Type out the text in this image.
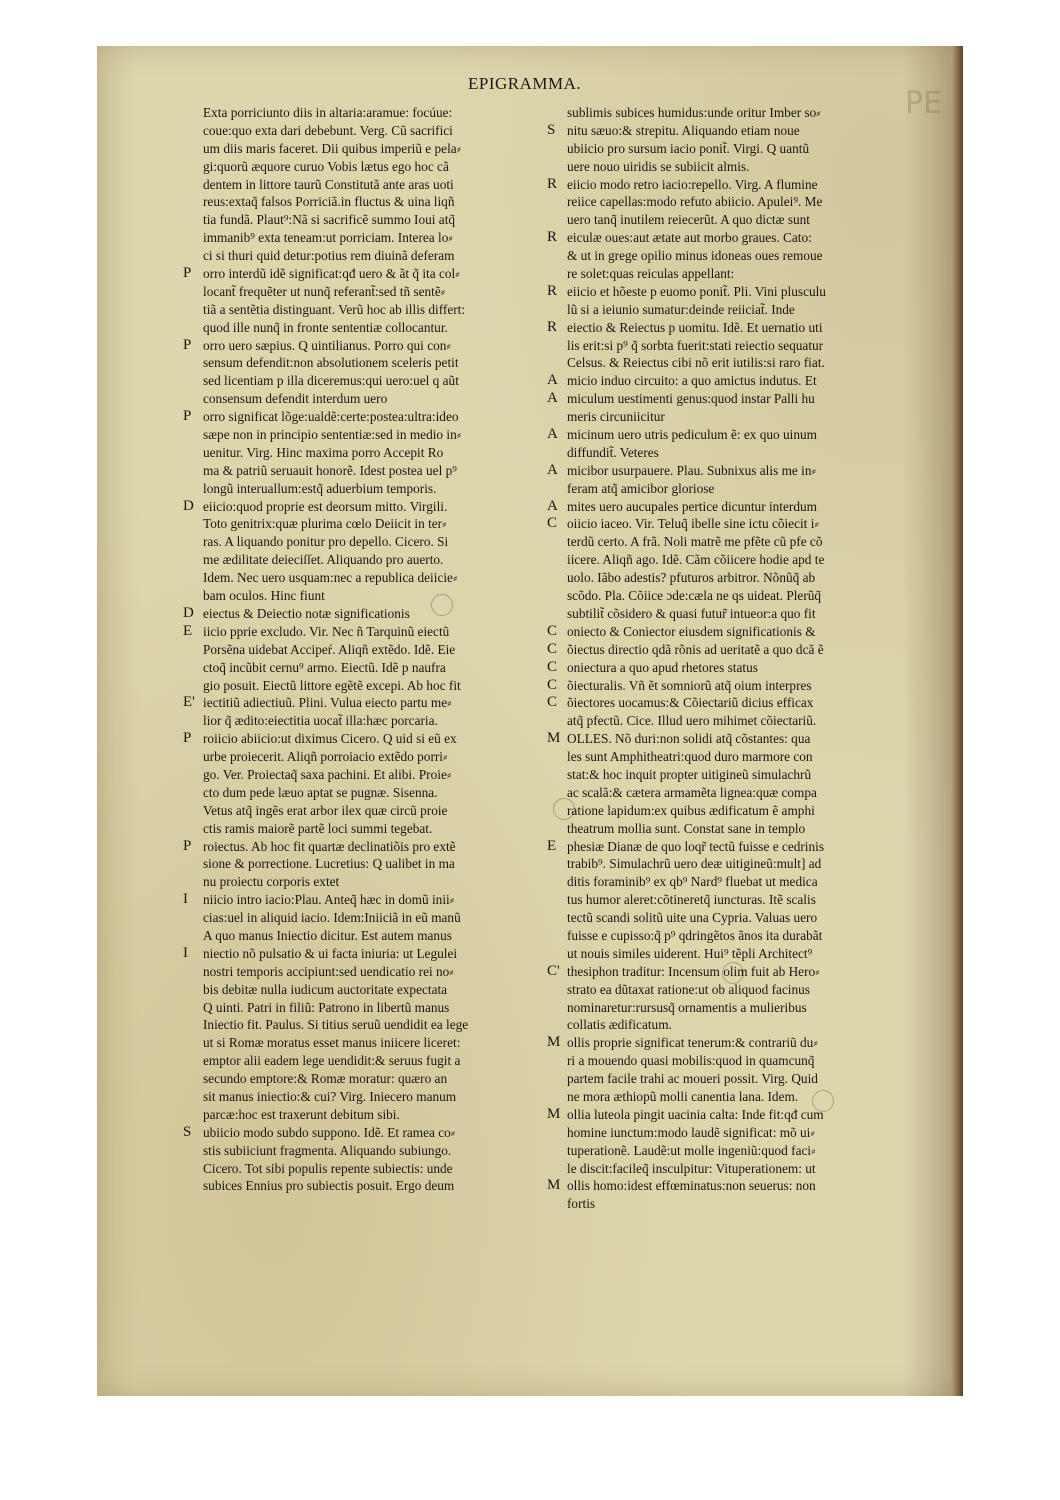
PE
EPIGRAMMA.
Exta porriciunto diis in altaria:aramue: focúue:
coue:quo exta dari debebunt. Verg. Cũ sacrifici
um diis maris faceret. Dii quibus imperiũ e pela⸗
gi:quorũ æquore curuo Vobis lætus ego hoc cã
dentem in littore taurũ Constitutã ante aras uoti
reus:extaq̃ falsos Porriciã.in fluctus & uina liqñ
tia fundã. Plaut⁹:Nã si sacrificẽ summo Ioui atq̃
immanib⁹ exta teneam:ut porriciam. Interea lo⸗
ci si thuri quid detur:potius rem diuinã deferam
P orro interdũ idẽ significat:qđ uero & ãt q̃ ita col⸗
locant̃ frequẽter ut nunq̃ referant̃:sed tñ sentẽ⸗
tiã a sentẽtia distinguant. Verũ hoc ab illis differt:
quod ille nunq̃ in fronte sententiæ collocantur.
P orro uero sæpius. Q uintilianus. Porro qui con⸗
sensum defendit:non absolutionem sceleris petit
sed licentiam p illa diceremus:qui uero:uel q aũt
consensum defendit interdum uero
P orro significat lõge:ualdẽ:certe:postea:ultra:ideo
sæpe non in principio sententiæ:sed in medio in⸗
uenitur. Virg. Hinc maxima porro Accepit Ro
ma & patriũ seruauit honorẽ. Idest postea uel p⁹
longũ interuallum:estq̃ aduerbium temporis.
D eiicio:quod proprie est deorsum mitto. Virgili.
Toto genitrix:quæ plurima cœlo Deiicit in ter⸗
ras. A liquando ponitur pro depello. Cicero. Si
me ædilitate deieciſſet. Aliquando pro auerto.
Idem. Nec uero usquam:nec a republica deiicie⸗
bam oculos. Hinc fiunt
D eiectus & Deiectio notæ significationis
E iicio pprie excludo. Vir. Nec ñ Tarquinũ eiectũ
Porsẽna uidebat Accipeŕ. Aliqñ extẽdo. Idẽ. Eie
ctoq̃ incũbit cernu⁹ armo. Eiectũ. Idẽ p naufra
gio posuit. Eiectũ littore egẽtẽ excepi. Ab hoc fit
E' iectitiũ adiectiuũ. Plini. Vulua eiecto partu me⸗
lior q̃ ædito:eiectitia uocat̃ illa:hæc porcaria.
P roiicio abiicio:ut diximus Cicero. Q uid si eũ ex
urbe proiecerit. Aliqñ porroiacio extẽdo porri⸗
go. Ver. Proiectaq̃ saxa pachini. Et alibi. Proie⸗
cto dum pede læuo aptat se pugnæ. Sisenna.
Vetus atq̃ ingẽs erat arbor ilex quæ circũ proie
ctis ramis maiorẽ partẽ loci summi tegebat.
P roiectus. Ab hoc fit quartæ declinatiõis pro extẽ
sione & porrectione. Lucretius: Q ualibet in ma
nu proiectu corporis extet
I	niicio intro iacio:Plau. Anteq̃ hæc in domũ inii⸗
cias:uel in aliquid iacio. Idem:Iniiciã in eũ manũ
A quo manus Iniectio dicitur. Est autem manus
I	niectio nõ pulsatio & ui facta iniuria: ut Legulei
nostri temporis accipiunt:sed uendicatio rei no⸗
bis debitæ nulla iudicum auctoritate expectata
Q uinti. Patri in filiũ: Patrono in libertũ manus
Iniectio fit. Paulus. Si titius seruũ uendidit ea lege
ut si Romæ moratus esset manus iniicere liceret:
emptor alii eadem lege uendidit:& seruus fugit a
secundo emptore:& Romæ moratur: quæro an
sit manus iniectio:& cui? Virg. Iniecero manum
parcæ:hoc est traxerunt debitum sibi.
S ubiicio modo subdo suppono. Idẽ. Et ramea co⸗
stis subiiciunt fragmenta. Aliquando subiungo.
Cicero. Tot sibi populis repente subiectis: unde
subices Ennius pro subiectis posuit. Ergo deum
sublimis subices humidus:unde oritur Imber so⸗
S nitu sæuo:& strepitu. Aliquando etiam noue
ubiicio pro sursum iacio ponit̃. Virgi. Q uantũ
uere nouo uiridis se subiicit almis.
R eiicio modo retro iacio:repello. Virg. A flumine
reiice capellas:modo refuto abiicio. Apulei⁹. Me
uero tanq̃ inutilem reiecerũt. A quo dictæ sunt
R eiculæ oues:aut ætate aut morbo graues. Cato:
& ut in grege opilio minus idoneas oues remoue
re solet:quas reiculas appellant:
R eiicio et hõeste p euomo ponit̃. Pli. Vini plusculu
lũ si a ieiunio sumatur:deinde reiiciat̃. Inde
R eiectio & Reiectus p uomitu. Idẽ. Et uernatio uti
lis erit:si p⁹ q̃ sorbta fuerit:stati reiectio sequatur
Celsus. & Reiectus cibi nõ erit iutilis:si raro fiat.
A micio induo circuito: a quo amictus indutus. Et
A miculum uestimenti genus:quod instar Palli hu
meris circuniicitur
A micinum uero utris pediculum ẽ: ex quo uinum
diffundit̃. Veteres
A micibor usurpauere. Plau. Subnixus alis me in⸗
feram atq̃ amicibor gloriose
A mites uero aucupales pertice dicuntur interdum
C oiicio iaceo. Vir. Teluq̃ ibelle sine ictu cõiecit i⸗
terdũ certo. A frã. Noli matrẽ me pfẽte cũ pfe cõ
iicere. Aliqñ ago. Idẽ. Cãm cõiicere hodie apd te
uolo. Iãbo adestis? pfuturos arbitror. Nõnũq̃ ab
scõdo. Pla. Cõiice ɔde:cæla ne qs uideat. Plerũq̃
subtilit̃ cõsidero & quasi futur̃ intueor:a quo fit
C oniecto & Coniector eiusdem significationis &
C õiectus directio qdã rõnis ad ueritatẽ a quo dcã ẽ
C oniectura a quo apud rhetores status
C õiecturalis. Vñ ẽt somniorũ atq̃ oium interpres
C õiectores uocamus:& Cõiectariũ dicius efficax
atq̃ pfectũ. Cice. Illud uero mihimet cõiectariũ.
M OLLES. Nõ duri:non solidi atq̃ cõstantes: qua
les sunt Amphitheatri:quod duro marmore con
stat:& hoc inquit propter uitigineũ simulachrũ
ac scalã:& cætera armamẽta lignea:quæ compa
ratione lapidum:ex quibus ædificatum ẽ amphi
theatrum mollia sunt. Constat sane in templo
E phesiæ Dianæ de quo loqr̃ tectũ fuisse e cedrinis
trabib⁹. Simulachrũ uero deæ uitigineũ:mult] ad
ditis foraminib⁹ ex qb⁹ Nard⁹ fluebat ut medica
tus humor aleret:cõtineretq̃ iuncturas. Itẽ scalis
tectũ scandi solitũ uite una Cypria. Valuas uero
fuisse e cupisso:q̃ p⁹ qdringẽtos ãnos ita durabãt
ut nouis similes uiderent. Hui⁹ tẽpli Architect⁹
C' thesiphon traditur: Incensum olim fuit ab Hero⸗
strato ea dũtaxat ratione:ut ob aliquod facinus
nominaretur:rursusq̃ ornamentis a mulieribus
collatis ædificatum.
M ollis proprie significat tenerum:& contrariũ du⸗
ri a mouendo quasi mobilis:quod in quamcunq̃
partem facile trahi ac moueri possit. Virg. Quid
ne mora æthiopũ molli canentia lana. Idem.
M ollia luteola pingit uacinia calta: Inde fit:qđ cum
homine iunctum:modo laudẽ significat: mõ ui⸗
tuperationẽ. Laudẽ:ut molle ingeniũ:quod faci⸗
le discit:facileq̃ insculpitur: Vituperationem: ut
M ollis homo:idest effœminatus:non seuerus: non
fortis
